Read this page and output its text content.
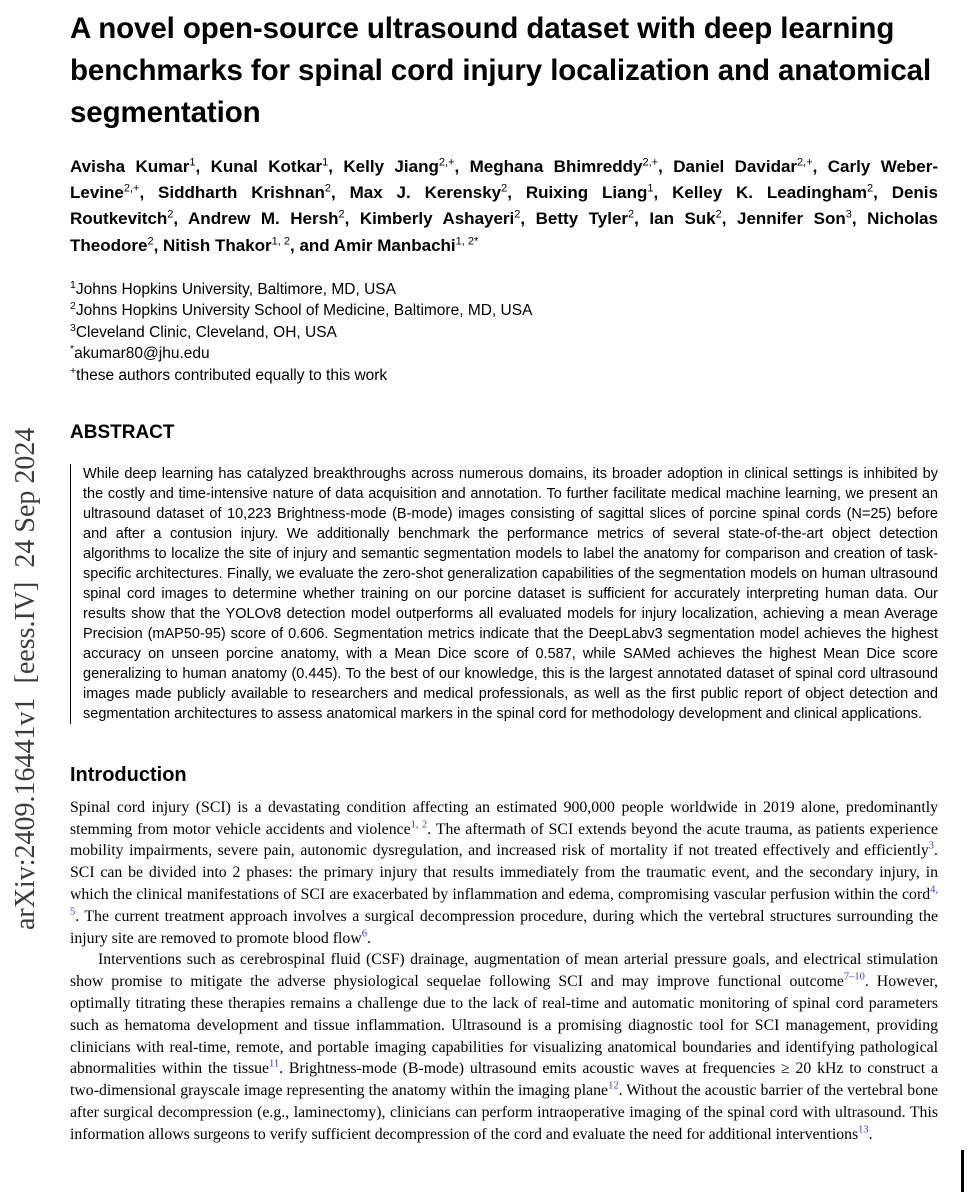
arXiv:2409.16441v1  [eess.IV]  24 Sep 2024
A novel open-source ultrasound dataset with deep learning benchmarks for spinal cord injury localization and anatomical segmentation

Avisha Kumar$^1$, Kunal Kotkar$^1$, Kelly Jiang$^{2,+}$, Meghana Bhimreddy$^{2,+}$, Daniel Davidar$^{2,+}$, Carly Weber-Levine$^{2,+}$, Siddharth Krishnan$^2$, Max J. Kerensky$^2$, Ruixing Liang$^1$, Kelley K. Leadingham$^2$, Denis Routkevitch$^2$, Andrew M. Hersh$^2$, Kimberly Ashayeri$^2$, Betty Tyler$^2$, Ian Suk$^2$, Jennifer Son$^3$, Nicholas Theodore$^2$, Nitish Thakor$^{1, 2}$, and Amir Manbachi$^{1, 2*}$

$^1$Johns Hopkins University, Baltimore, MD, USA
$^2$Johns Hopkins University School of Medicine, Baltimore, MD, USA
$^3$Cleveland Clinic, Cleveland, OH, USA
*akumar80@jhu.edu
+these authors contributed equally to this work
ABSTRACT

While deep learning has catalyzed breakthroughs across numerous domains, its broader adoption in clinical settings is inhibited by the costly and time-intensive nature of data acquisition and annotation. To further facilitate medical machine learning, we present an ultrasound dataset of 10,223 Brightness-mode (B-mode) images consisting of sagittal slices of porcine spinal cords (N=25) before and after a contusion injury. We additionally benchmark the performance metrics of several state-of-the-art object detection algorithms to localize the site of injury and semantic segmentation models to label the anatomy for comparison and creation of task-specific architectures. Finally, we evaluate the zero-shot generalization capabilities of the segmentation models on human ultrasound spinal cord images to determine whether training on our porcine dataset is sufficient for accurately interpreting human data. Our results show that the YOLOv8 detection model outperforms all evaluated models for injury localization, achieving a mean Average Precision (mAP50-95) score of 0.606. Segmentation metrics indicate that the DeepLabv3 segmentation model achieves the highest accuracy on unseen porcine anatomy, with a Mean Dice score of 0.587, while SAMed achieves the highest Mean Dice score generalizing to human anatomy (0.445). To the best of our knowledge, this is the largest annotated dataset of spinal cord ultrasound images made publicly available to researchers and medical professionals, as well as the first public report of object detection and segmentation architectures to assess anatomical markers in the spinal cord for methodology development and clinical applications.

Introduction

Spinal cord injury (SCI) is a devastating condition affecting an estimated 900,000 people worldwide in 2019 alone, predominantly stemming from motor vehicle accidents and violence$^{1, 2}$. The aftermath of SCI extends beyond the acute trauma, as patients experience mobility impairments, severe pain, autonomic dysregulation, and increased risk of mortality if not treated effectively and efficiently$^3$. SCI can be divided into 2 phases: the primary injury that results immediately from the traumatic event, and the secondary injury, in which the clinical manifestations of SCI are exacerbated by inflammation and edema, compromising vascular perfusion within the cord$^{4, 5}$. The current treatment approach involves a surgical decompression procedure, during which the vertebral structures surrounding the injury site are removed to promote blood flow$^6$.

Interventions such as cerebrospinal fluid (CSF) drainage, augmentation of mean arterial pressure goals, and electrical stimulation show promise to mitigate the adverse physiological sequelae following SCI and may improve functional outcome$^{7-10}$. However, optimally titrating these therapies remains a challenge due to the lack of real-time and automatic monitoring of spinal cord parameters such as hematoma development and tissue inflammation. Ultrasound is a promising diagnostic tool for SCI management, providing clinicians with real-time, remote, and portable imaging capabilities for visualizing anatomical boundaries and identifying pathological abnormalities within the tissue$^{11}$. Brightness-mode (B-mode) ultrasound emits acoustic waves at frequencies ≥ 20 kHz to construct a two-dimensional grayscale image representing the anatomy within the imaging plane$^{12}$. Without the acoustic barrier of the vertebral bone after surgical decompression (e.g., laminectomy), clinicians can perform intraoperative imaging of the spinal cord with ultrasound. This information allows surgeons to verify sufficient decompression of the cord and evaluate the need for additional interventions$^{13}$.
